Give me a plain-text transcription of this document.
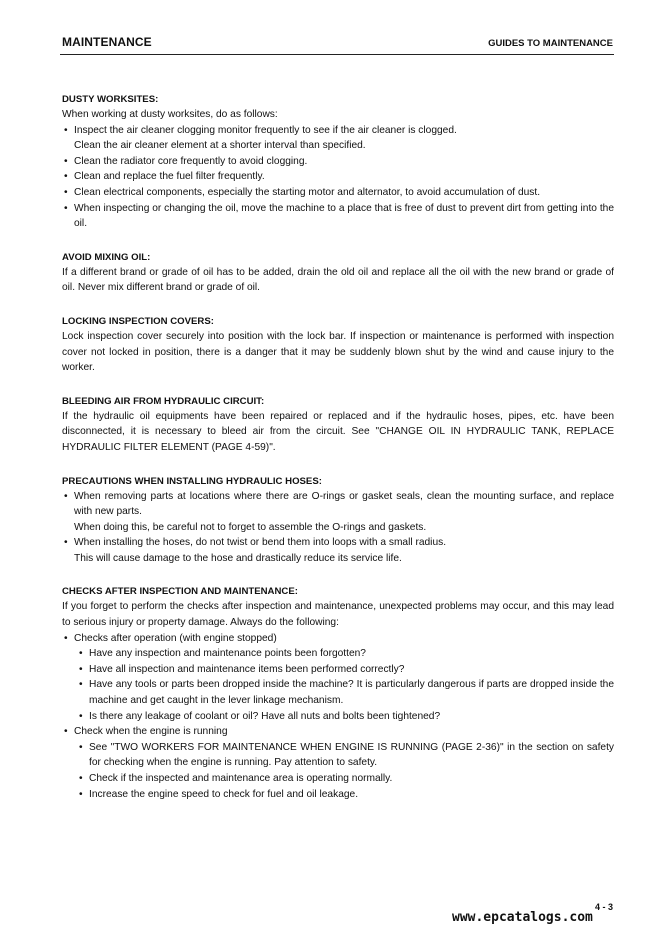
MAINTENANCE	GUIDES TO MAINTENANCE
DUSTY WORKSITES:
When working at dusty worksites, do as follows:
• Inspect the air cleaner clogging monitor frequently to see if the air cleaner is clogged.
Clean the air cleaner element at a shorter interval than specified.
• Clean the radiator core frequently to avoid clogging.
• Clean and replace the fuel filter frequently.
• Clean electrical components, especially the starting motor and alternator, to avoid accumulation of dust.
• When inspecting or changing the oil, move the machine to a place that is free of dust to prevent dirt from getting into the oil.
AVOID MIXING OIL:
If a different brand or grade of oil has to be added, drain the old oil and replace all the oil with the new brand or grade of oil. Never mix different brand or grade of oil.
LOCKING INSPECTION COVERS:
Lock inspection cover securely into position with the lock bar. If inspection or maintenance is performed with inspection cover not locked in position, there is a danger that it may be suddenly blown shut by the wind and cause injury to the worker.
BLEEDING AIR FROM HYDRAULIC CIRCUIT:
If the hydraulic oil equipments have been repaired or replaced and if the hydraulic hoses, pipes, etc. have been disconnected, it is necessary to bleed air from the circuit. See "CHANGE OIL IN HYDRAULIC TANK, REPLACE HYDRAULIC FILTER ELEMENT (PAGE 4-59)".
PRECAUTIONS WHEN INSTALLING HYDRAULIC HOSES:
• When removing parts at locations where there are O-rings or gasket seals, clean the mounting surface, and replace with new parts.
When doing this, be careful not to forget to assemble the O-rings and gaskets.
• When installing the hoses, do not twist or bend them into loops with a small radius.
This will cause damage to the hose and drastically reduce its service life.
CHECKS AFTER INSPECTION AND MAINTENANCE:
If you forget to perform the checks after inspection and maintenance, unexpected problems may occur, and this may lead to serious injury or property damage. Always do the following:
• Checks after operation (with engine stopped)
• Have any inspection and maintenance points been forgotten?
• Have all inspection and maintenance items been performed correctly?
• Have any tools or parts been dropped inside the machine? It is particularly dangerous if parts are dropped inside the machine and get caught in the lever linkage mechanism.
• Is there any leakage of coolant or oil? Have all nuts and bolts been tightened?
• Check when the engine is running
• See "TWO WORKERS FOR MAINTENANCE WHEN ENGINE IS RUNNING (PAGE 2-36)" in the section on safety for checking when the engine is running. Pay attention to safety.
• Check if the inspected and maintenance area is operating normally.
• Increase the engine speed to check for fuel and oil leakage.
4 - 3
www.epcatalogs.com
